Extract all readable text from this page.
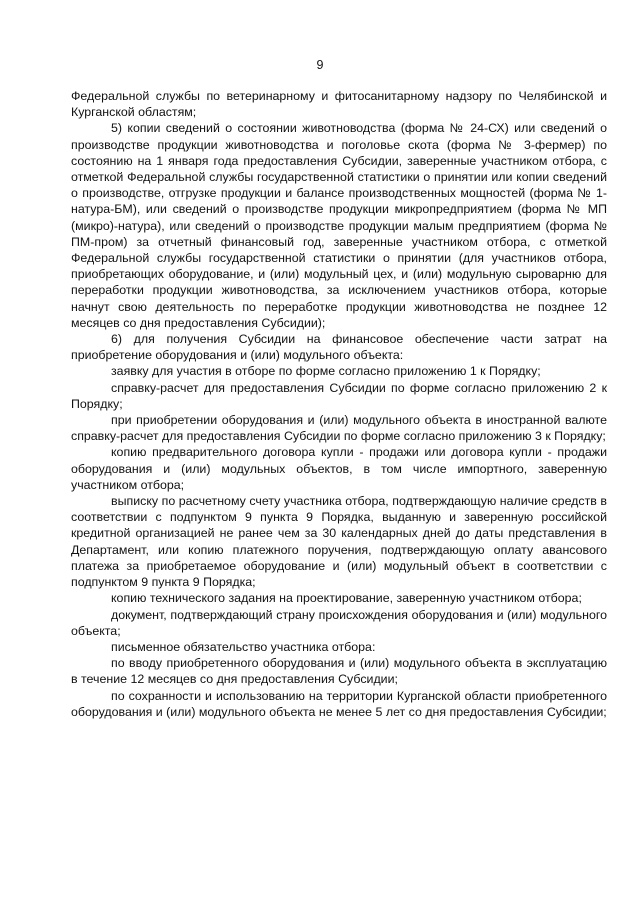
9

Федеральной службы по ветеринарному и фитосанитарному надзору по Челябинской и Курганской областям;

5) копии сведений о состоянии животноводства (форма № 24-СХ) или сведений о производстве продукции животноводства и поголовье скота (форма № 3-фермер) по состоянию на 1 января года предоставления Субсидии, заверенные участником отбора, с отметкой Федеральной службы государственной статистики о принятии или копии сведений о производстве, отгрузке продукции и балансе производственных мощностей (форма № 1-натура-БМ), или сведений о производстве продукции микропредприятием (форма № МП (микро)-натура), или сведений о производстве продукции малым предприятием (форма № ПМ-пром) за отчетный финансовый год, заверенные участником отбора, с отметкой Федеральной службы государственной статистики о принятии (для участников отбора, приобретающих оборудование, и (или) модульный цех, и (или) модульную сыроварню для переработки продукции животноводства, за исключением участников отбора, которые начнут свою деятельность по переработке продукции животноводства не позднее 12 месяцев со дня предоставления Субсидии);

6) для получения Субсидии на финансовое обеспечение части затрат на приобретение оборудования и (или) модульного объекта:

заявку для участия в отборе по форме согласно приложению 1 к Порядку;

справку-расчет для предоставления Субсидии по форме согласно приложению 2 к Порядку;

при приобретении оборудования и (или) модульного объекта в иностранной валюте справку-расчет для предоставления Субсидии по форме согласно приложению 3 к Порядку;

копию предварительного договора купли - продажи или договора купли - продажи оборудования и (или) модульных объектов, в том числе импортного, заверенную участником отбора;

выписку по расчетному счету участника отбора, подтверждающую наличие средств в соответствии с подпунктом 9 пункта 9 Порядка, выданную и заверенную российской кредитной организацией не ранее чем за 30 календарных дней до даты представления в Департамент, или копию платежного поручения, подтверждающую оплату авансового платежа за приобретаемое оборудование и (или) модульный объект в соответствии с подпунктом 9 пункта 9 Порядка;

копию технического задания на проектирование, заверенную участником отбора;

документ, подтверждающий страну происхождения оборудования и (или) модульного объекта;

письменное обязательство участника отбора:

по вводу приобретенного оборудования и (или) модульного объекта в эксплуатацию в течение 12 месяцев со дня предоставления Субсидии;

по сохранности и использованию на территории Курганской области приобретенного оборудования и (или) модульного объекта не менее 5 лет со дня предоставления Субсидии;
